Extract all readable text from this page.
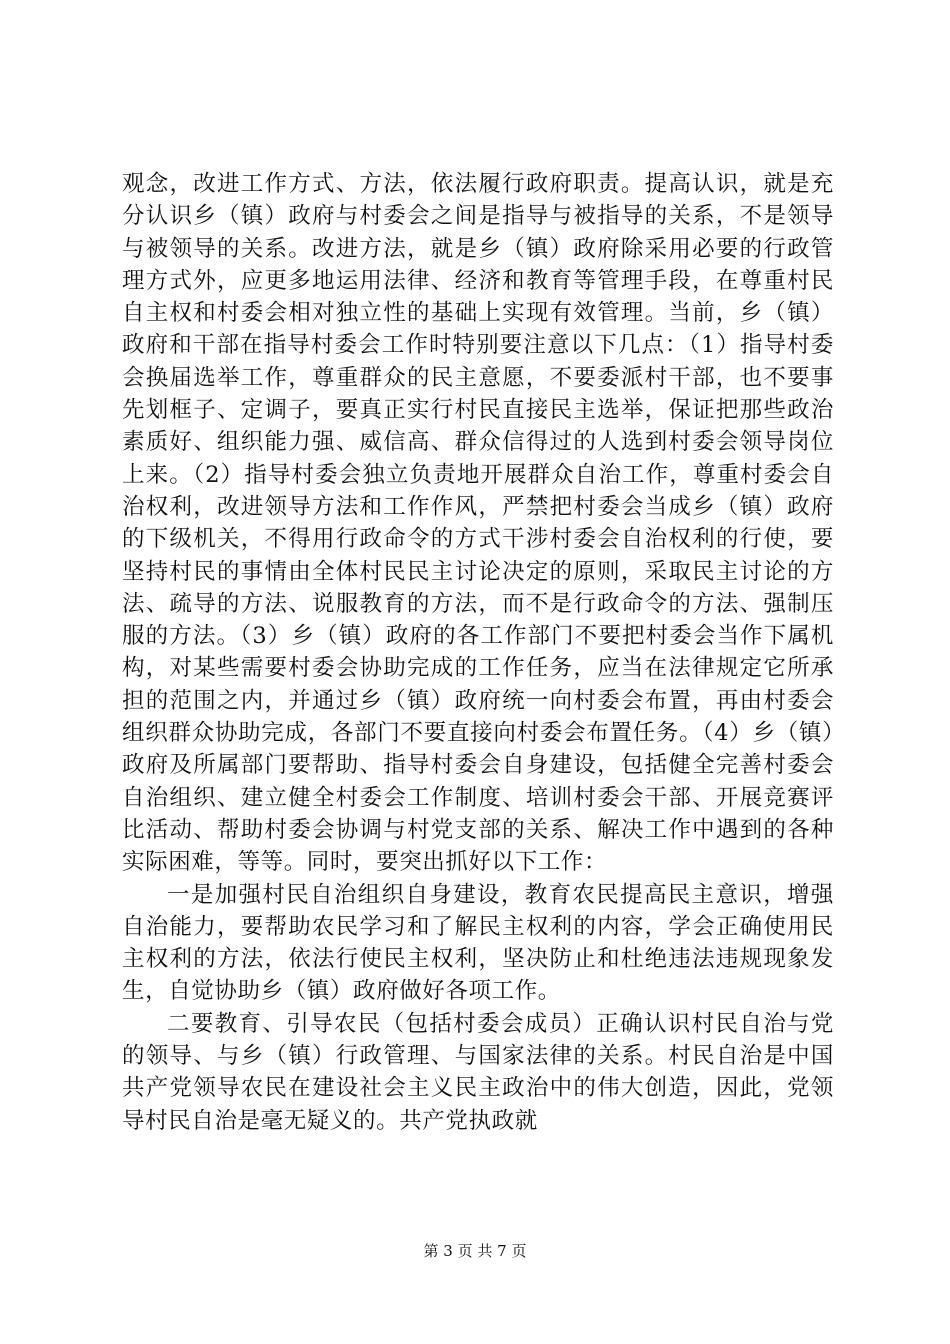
观念，改进工作方式、方法，依法履行政府职责。提高认识，就是充分认识乡（镇）政府与村委会之间是指导与被指导的关系，不是领导与被领导的关系。改进方法，就是乡（镇）政府除采用必要的行政管理方式外，应更多地运用法律、经济和教育等管理手段，在尊重村民自主权和村委会相对独立性的基础上实现有效管理。当前，乡（镇）政府和干部在指导村委会工作时特别要注意以下几点：（1）指导村委会换届选举工作，尊重群众的民主意愿，不要委派村干部，也不要事先划框子、定调子，要真正实行村民直接民主选举，保证把那些政治素质好、组织能力强、威信高、群众信得过的人选到村委会领导岗位上来。（2）指导村委会独立负责地开展群众自治工作，尊重村委会自治权利，改进领导方法和工作作风，严禁把村委会当成乡（镇）政府的下级机关，不得用行政命令的方式干涉村委会自治权利的行使，要坚持村民的事情由全体村民民主讨论决定的原则，采取民主讨论的方法、疏导的方法、说服教育的方法，而不是行政命令的方法、强制压服的方法。（3）乡（镇）政府的各工作部门不要把村委会当作下属机构，对某些需要村委会协助完成的工作任务，应当在法律规定它所承担的范围之内，并通过乡（镇）政府统一向村委会布置，再由村委会组织群众协助完成，各部门不要直接向村委会布置任务。（4）乡（镇）政府及所属部门要帮助、指导村委会自身建设，包括健全完善村委会自治组织、建立健全村委会工作制度、培训村委会干部、开展竞赛评比活动、帮助村委会协调与村党支部的关系、解决工作中遇到的各种实际困难，等等。同时，要突出抓好以下工作：

一是加强村民自治组织自身建设，教育农民提高民主意识，增强自治能力，要帮助农民学习和了解民主权利的内容，学会正确使用民主权利的方法，依法行使民主权利，坚决防止和杜绝违法违规现象发生，自觉协助乡（镇）政府做好各项工作。

二要教育、引导农民（包括村委会成员）正确认识村民自治与党的领导、与乡（镇）行政管理、与国家法律的关系。村民自治是中国共产党领导农民在建设社会主义民主政治中的伟大创造，因此，党领导村民自治是毫无疑义的。共产党执政就

第 3 页 共 7 页
